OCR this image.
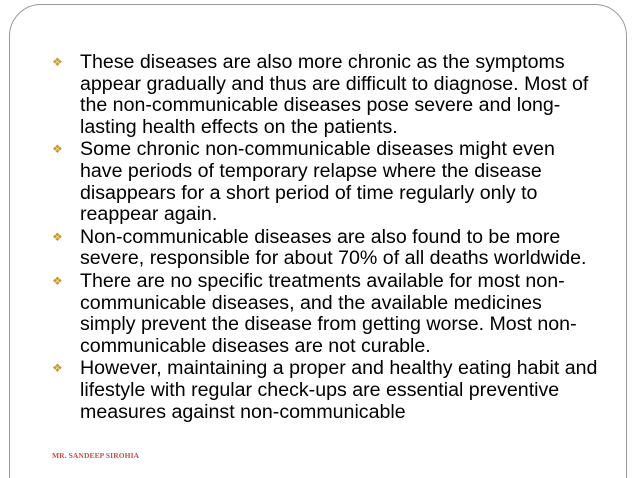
❖ These diseases are also more chronic as the symptoms appear gradually and thus are difficult to diagnose. Most of the non-communicable diseases pose severe and long-lasting health effects on the patients.
❖ Some chronic non-communicable diseases might even have periods of temporary relapse where the disease disappears for a short period of time regularly only to reappear again.
❖ Non-communicable diseases are also found to be more severe, responsible for about 70% of all deaths worldwide.
❖ There are no specific treatments available for most non-communicable diseases, and the available medicines simply prevent the disease from getting worse. Most non-communicable diseases are not curable.
❖ However, maintaining a proper and healthy eating habit and lifestyle with regular check-ups are essential preventive measures against non-communicable
MR. SANDEEP SIROHIA
